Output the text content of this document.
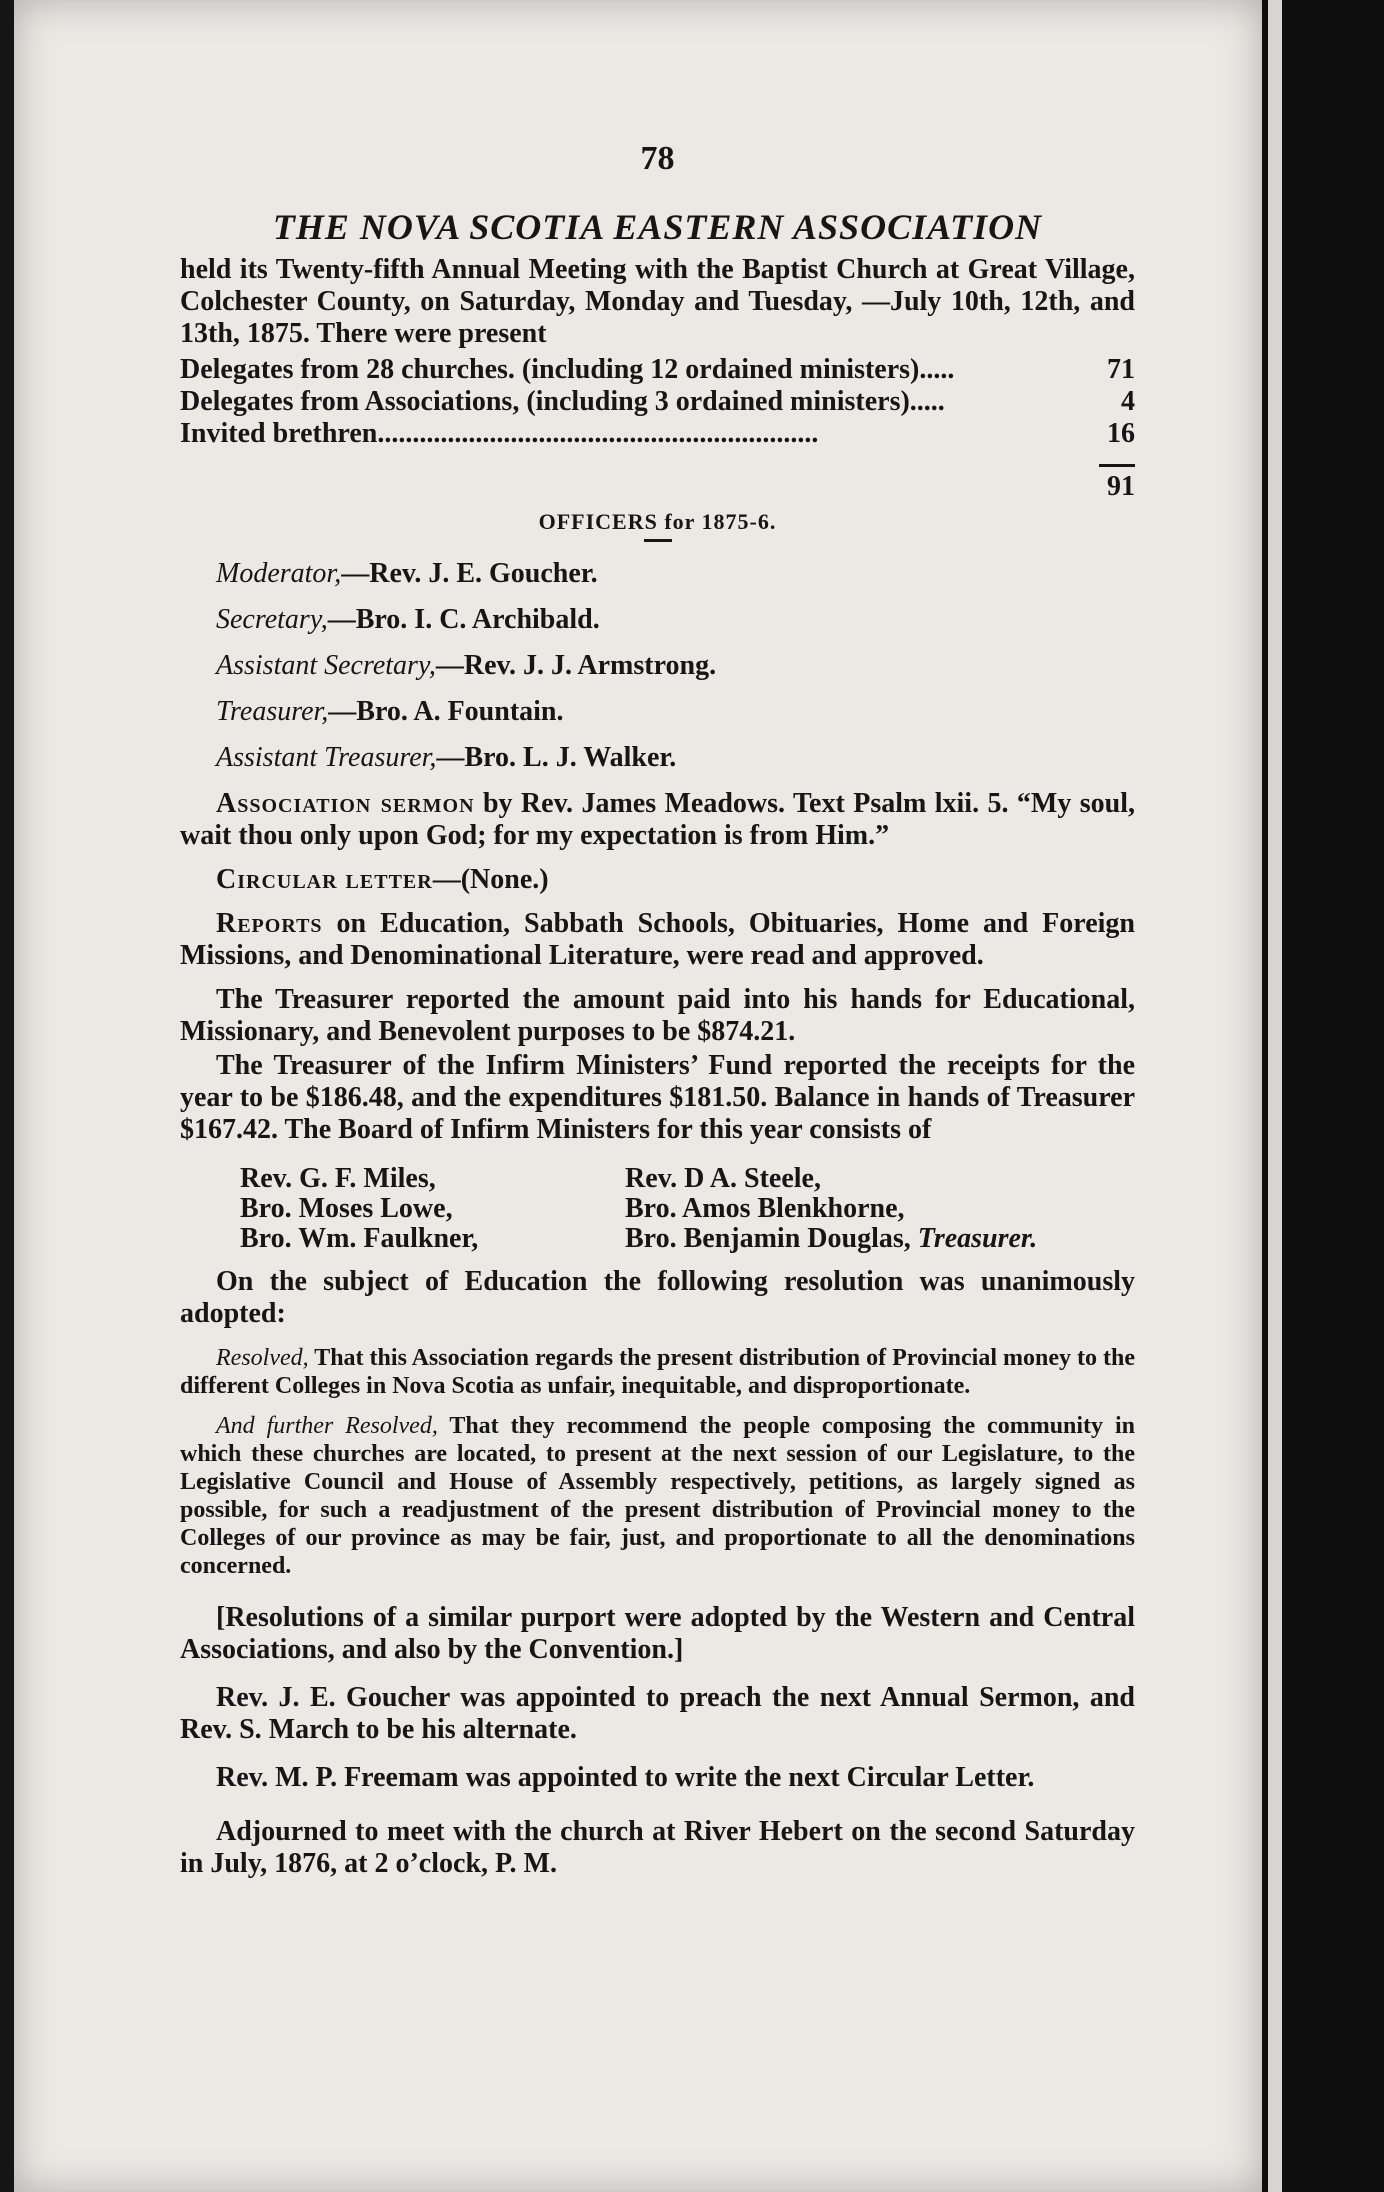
78
THE NOVA SCOTIA EASTERN ASSOCIATION

held its Twenty-fifth Annual Meeting with the Baptist Church at Great Village, Colchester County, on Saturday, Monday and Tuesday, —July 10th, 12th, and 13th, 1875. There were present

Delegates from 28 churches. (including 12 ordained ministers).....	71
Delegates from Associations, (including 3 ordained ministers).....	4
Invited brethren...............................................................	16
91
OFFICERS for 1875-6.
Moderator,—Rev. J. E. Goucher.
Secretary,—Bro. I. C. Archibald.
Assistant Secretary,—Rev. J. J. Armstrong.
Treasurer,—Bro. A. Fountain.
Assistant Treasurer,—Bro. L. J. Walker.

Association sermon by Rev. James Meadows. Text Psalm lxii. 5. “My soul, wait thou only upon God; for my expectation is from Him.”

Circular letter—(None.)

Reports on Education, Sabbath Schools, Obituaries, Home and Foreign Missions, and Denominational Literature, were read and approved.

The Treasurer reported the amount paid into his hands for Educational, Missionary, and Benevolent purposes to be $874.21.

The Treasurer of the Infirm Ministers’ Fund reported the receipts for the year to be $186.48, and the expenditures $181.50. Balance in hands of Treasurer $167.42. The Board of Infirm Ministers for this year consists of

Rev. G. F. Miles,	Rev. D A. Steele,
Bro. Moses Lowe,	Bro. Amos Blenkhorne,
Bro. Wm. Faulkner,	Bro. Benjamin Douglas, Treasurer.

On the subject of Education the following resolution was unanimously adopted:

Resolved, That this Association regards the present distribution of Provincial money to the different Colleges in Nova Scotia as unfair, inequitable, and disproportionate.

And further Resolved, That they recommend the people composing the community in which these churches are located, to present at the next session of our Legislature, to the Legislative Council and House of Assembly respectively, petitions, as largely signed as possible, for such a readjustment of the present distribution of Provincial money to the Colleges of our province as may be fair, just, and proportionate to all the denominations concerned.

[Resolutions of a similar purport were adopted by the Western and Central Associations, and also by the Convention.]

Rev. J. E. Goucher was appointed to preach the next Annual Sermon, and Rev. S. March to be his alternate.

Rev. M. P. Freemam was appointed to write the next Circular Letter.

Adjourned to meet with the church at River Hebert on the second Saturday in July, 1876, at 2 o’clock, P. M.
